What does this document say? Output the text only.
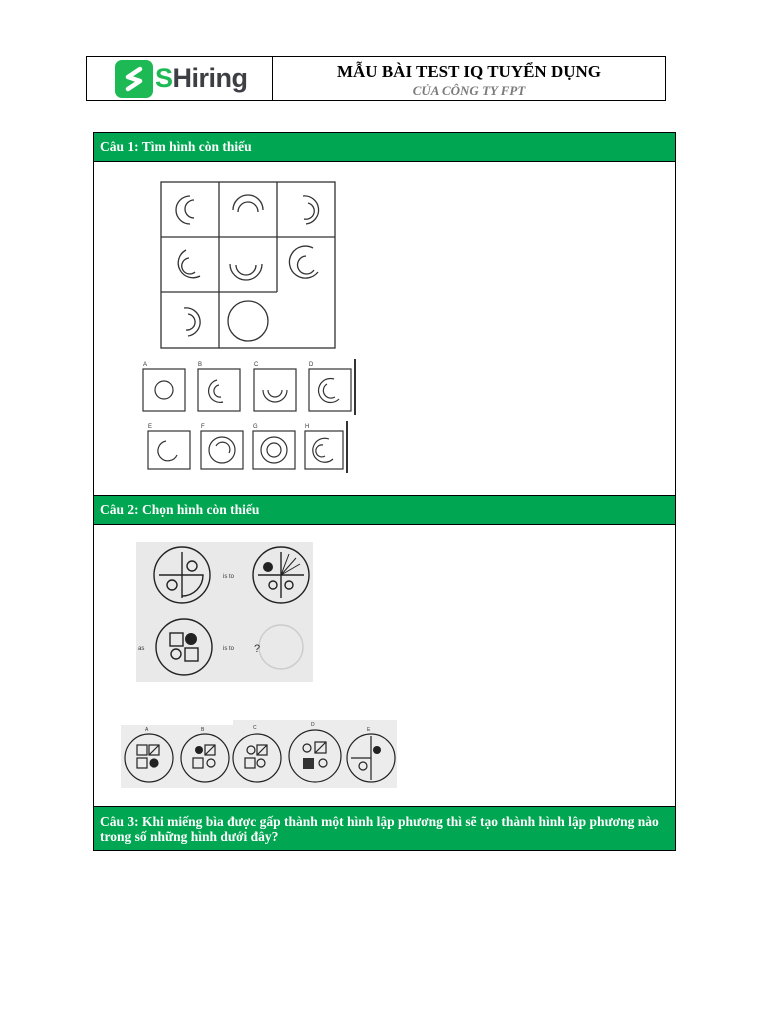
SHiring	MẪU BÀI TEST IQ TUYỂN DỤNG
CỦA CÔNG TY FPT
Câu 1: Tìm hình còn thiếu
A	B	C	D
E	F	G	H
Câu 2: Chọn hình còn thiếu
is to
as	is to ?
A	B	C	D
E
Câu 3: Khi miếng bìa được gấp thành một hình lập phương thì sẽ tạo thành hình lập phương nào trong số những hình dưới đây?
